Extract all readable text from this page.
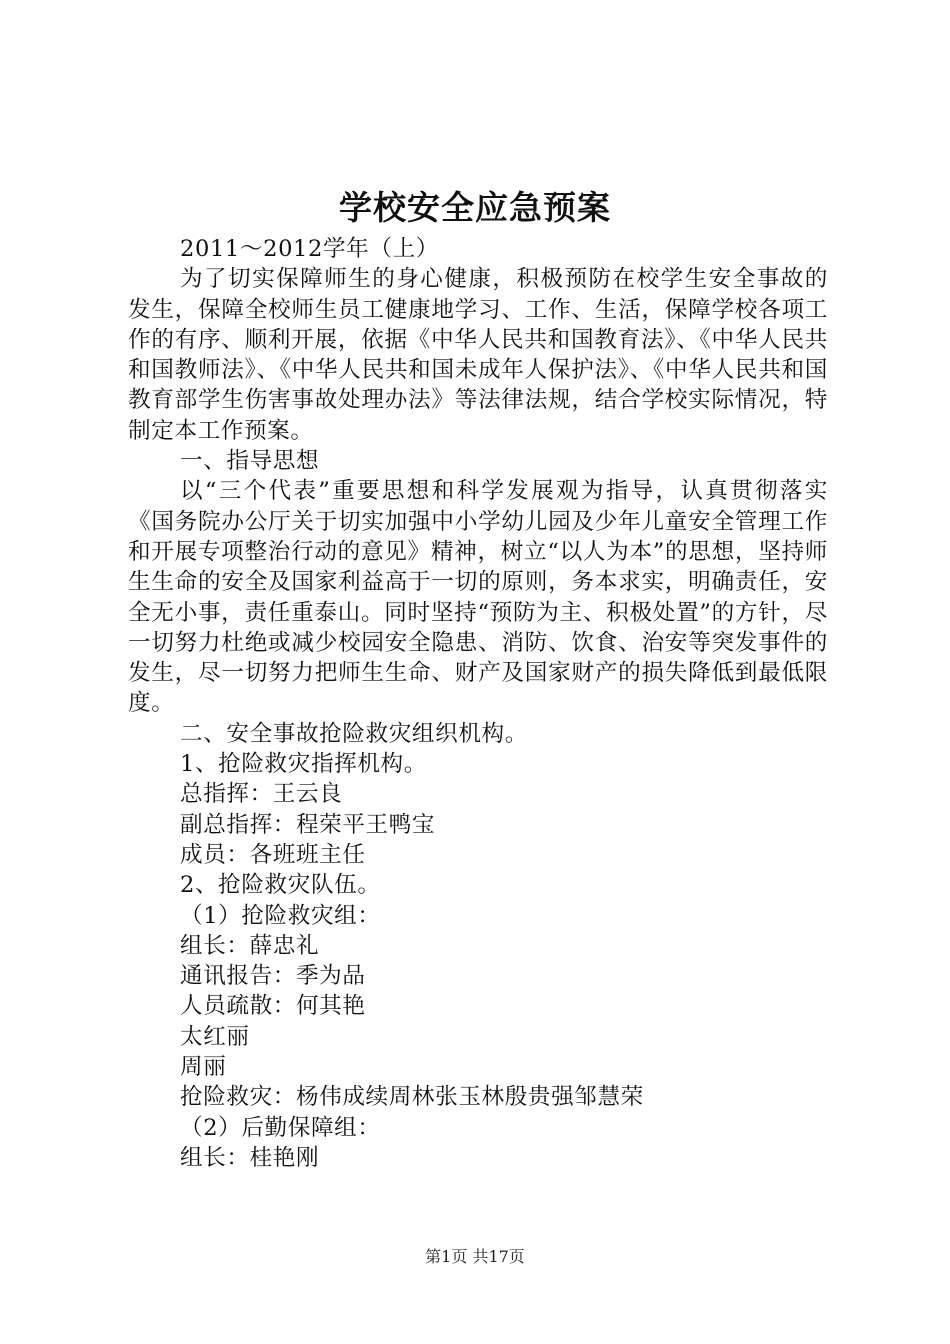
学校安全应急预案

2011～2012学年（上）

为了切实保障师生的身心健康，积极预防在校学生安全事故的发生，保障全校师生员工健康地学习、工作、生活，保障学校各项工作的有序、顺利开展，依据《中华人民共和国教育法》、《中华人民共和国教师法》、《中华人民共和国未成年人保护法》、《中华人民共和国教育部学生伤害事故处理办法》等法律法规，结合学校实际情况，特制定本工作预案。

一、指导思想

以“三个代表”重要思想和科学发展观为指导，认真贯彻落实《国务院办公厅关于切实加强中小学幼儿园及少年儿童安全管理工作和开展专项整治行动的意见》精神，树立“以人为本”的思想，坚持师生生命的安全及国家利益高于一切的原则，务本求实，明确责任，安全无小事，责任重泰山。同时坚持“预防为主、积极处置”的方针，尽一切努力杜绝或减少校园安全隐患、消防、饮食、治安等突发事件的发生，尽一切努力把师生生命、财产及国家财产的损失降低到最低限度。

二、安全事故抢险救灾组织机构。

1、抢险救灾指挥机构。

总指挥：王云良

副总指挥：程荣平王鸭宝

成员：各班班主任

2、抢险救灾队伍。

（1）抢险救灾组：

组长：薛忠礼

通讯报告：季为品

人员疏散：何其艳

太红丽

周丽

抢险救灾：杨伟成续周林张玉林殷贵强邹慧荣

（2）后勤保障组：

组长：桂艳刚

第1页 共17页
